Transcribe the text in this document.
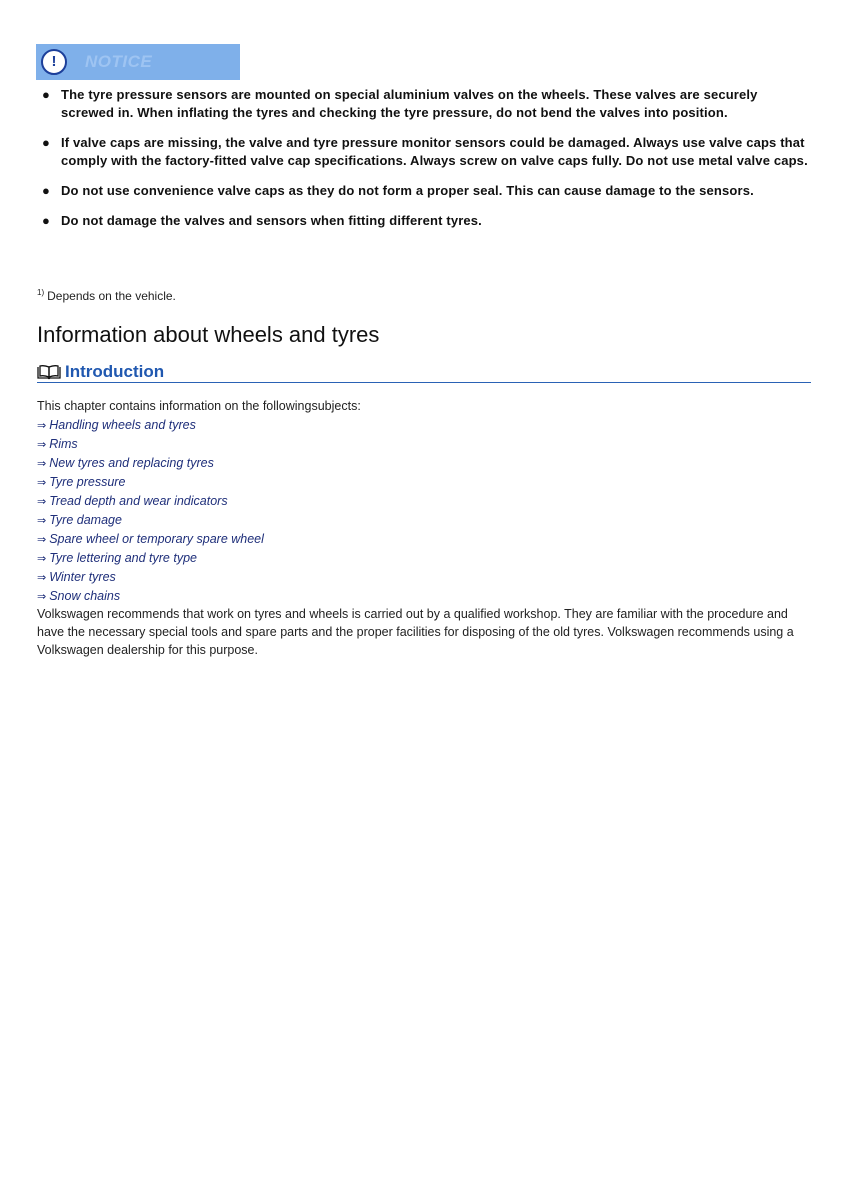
!	NOTICE
● The tyre pressure sensors are mounted on special aluminium valves on the wheels. These valves are securely screwed in. When inflating the tyres and checking the tyre pressure, do not bend the valves into position.
● If valve caps are missing, the valve and tyre pressure monitor sensors could be damaged. Always use valve caps that comply with the factory-fitted valve cap specifications. Always screw on valve caps fully. Do not use metal valve caps.
● Do not use convenience valve caps as they do not form a proper seal. This can cause damage to the sensors.
● Do not damage the valves and sensors when fitting different tyres.
$^{1)}$ Depends on the vehicle.
Information about wheels and tyres
Introduction
This chapter contains information on the followingsubjects:
⇒ Handling wheels and tyres
⇒ Rims
⇒ New tyres and replacing tyres
⇒ Tyre pressure
⇒ Tread depth and wear indicators
⇒ Tyre damage
⇒ Spare wheel or temporary spare wheel
⇒ Tyre lettering and tyre type
⇒ Winter tyres
⇒ Snow chains

Volkswagen recommends that work on tyres and wheels is carried out by a qualified workshop. They are familiar with the procedure and have the necessary special tools and spare parts and the proper facilities for disposing of the old tyres. Volkswagen recommends using a Volkswagen dealership for this purpose.
